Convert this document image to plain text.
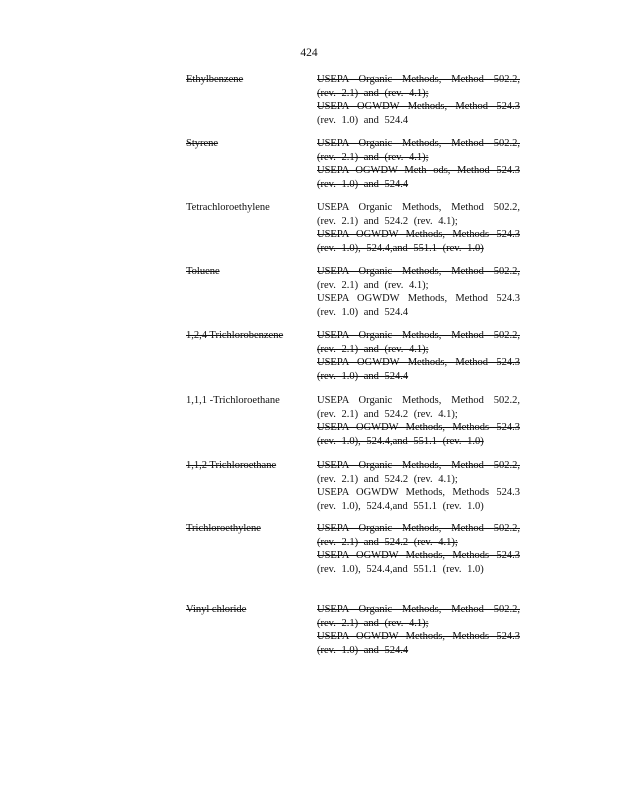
424
Ethylbenzene	USEPA Organic Methods, Method 502.2,
(rev. 2.1) and (rev. 4.1);
USEPA OGWDW Methods, Method 524.3
(rev. 1.0) and 524.4
Styrene	USEPA Organic Methods, Method 502.2,
(rev. 2.1) and (rev. 4.1);
USEPA OGWDW Meth ods, Method 524.3
(rev. 1.0) and 524.4
Tetrachloroethylene	USEPA Organic Methods, Method 502.2,
(rev. 2.1) and 524.2 (rev. 4.1);
USEPA OGWDW Methods, Methods 524.3
(rev. 1.0), 524.4,and 551.1 (rev. 1.0)
Toluene	USEPA Organic Methods, Method 502.2,
(rev. 2.1) and (rev. 4.1);
USEPA OGWDW Methods, Method 524.3
(rev. 1.0) and 524.4
1,2,4 Trichlorobenzene	USEPA Organic Methods, Method 502.2,
(rev. 2.1) and (rev. 4.1);
USEPA OGWDW Methods, Method 524.3
(rev. 1.0) and 524.4
1,1,1 -Trichloroethane	USEPA Organic Methods, Method 502.2,
(rev. 2.1) and 524.2 (rev. 4.1);
USEPA OGWDW Methods, Methods 524.3
(rev. 1.0), 524.4,and 551.1 (rev. 1.0)
1,1,2 Trichloroethane	USEPA Organic Methods, Method 502.2,
(rev. 2.1) and 524.2 (rev. 4.1);
USEPA OGWDW Methods, Methods 524.3
(rev. 1.0), 524.4,and 551.1 (rev. 1.0)
Trichloroethylene	USEPA Organic Methods, Method 502.2,
(rev. 2.1) and 524.2 (rev. 4.1);
USEPA OGWDW Methods, Methods 524.3
(rev. 1.0), 524.4,and 551.1 (rev. 1.0)
Vinyl chloride	USEPA Organic Methods, Method 502.2,
(rev. 2.1) and (rev. 4.1);
USEPA OGWDW Methods, Methods 524.3
(rev. 1.0) and 524.4
